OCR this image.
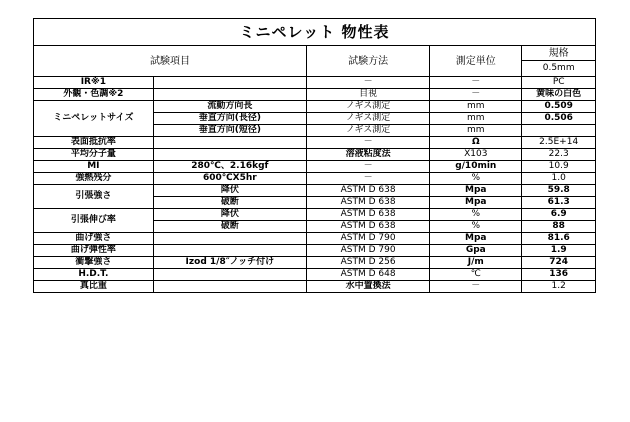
ミニペレット 物性表
試験項目		試験方法	測定単位	規格
				0.5mm
IR※1		－	－	PC
外観・色調※2		目視	－	黄味の白色
ミニペレットサイズ	流動方向長	ノギス測定	mm	0.509
	垂直方向(長径)	ノギス測定	mm	0.506
	垂直方向(短径)	ノギス測定	mm	
表面抵抗率		－	Ω	2.5E+14
平均分子量		溶液粘度法	X103	22.3
MI	280℃、2.16kgf	－	g/10min	10.9
強熱残分	600℃X5hr	－	%	1.0
引張強さ	降伏	ASTM D 638	Mpa	59.8
	破断	ASTM D 638	Mpa	61.3
引張伸び率	降伏	ASTM D 638	%	6.9
	破断	ASTM D 638	%	88
曲げ強さ		ASTM D 790	Mpa	81.6
曲げ弾性率		ASTM D 790	Gpa	1.9
衝撃強さ	Izod 1/8″ノッチ付け	ASTM D 256	J/m	724
H.D.T.		ASTM D 648	℃	136
真比重		水中置換法	－	1.2
